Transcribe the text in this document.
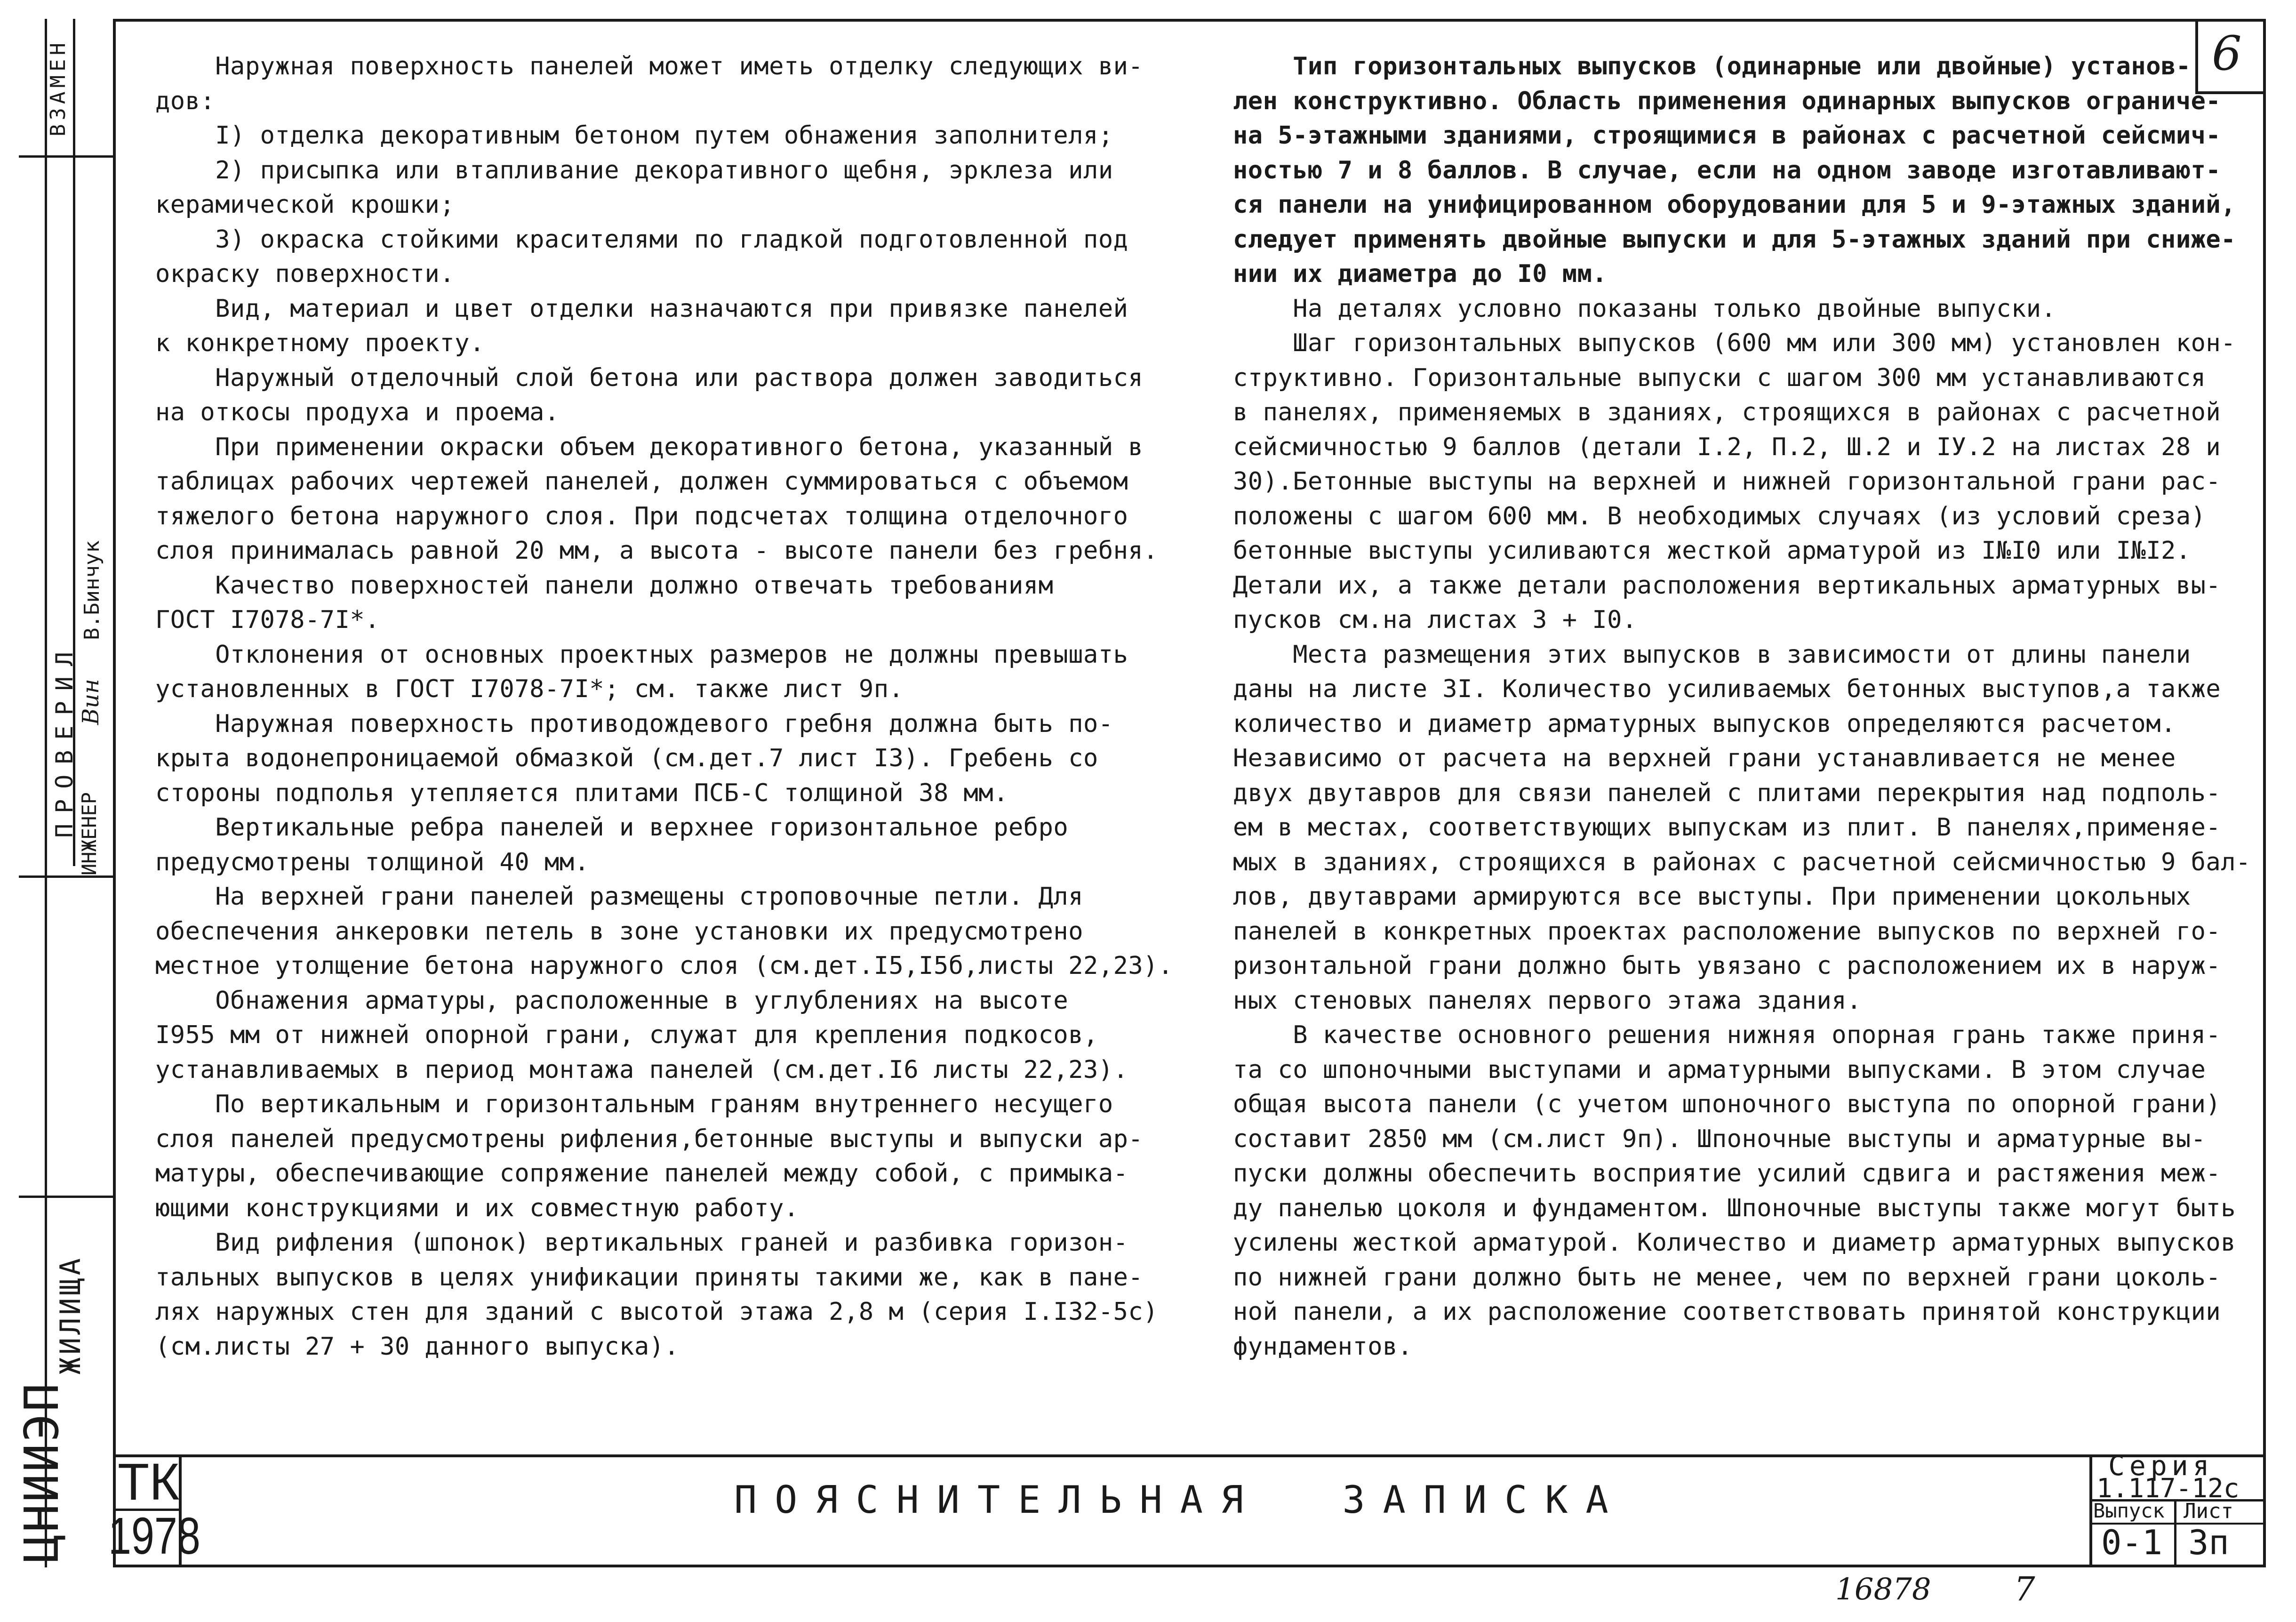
6
ВЗАМЕН
ПРОВЕРИЛ ИНЖЕНЕР
Вин
В.Бинчук
ЖИЛИЩА
ЦНИИЭП

Наружная поверхность панелей может иметь отделку следующих ви-

дов:

I) отделка декоративным бетоном путем обнажения заполнителя;

2) присыпка или втапливание декоративного щебня, эрклеза или

керамической крошки;

3) окраска стойкими красителями по гладкой подготовленной под

окраску поверхности.

Вид, материал и цвет отделки назначаются при привязке панелей

к конкретному проекту.

Наружный отделочный слой бетона или раствора должен заводиться

на откосы продуха и проема.

При применении окраски объем декоративного бетона, указанный в

таблицах рабочих чертежей панелей, должен суммироваться с объемом

тяжелого бетона наружного слоя. При подсчетах толщина отделочного

слоя принималась равной 20 мм, а высота - высоте панели без гребня.

Качество поверхностей панели должно отвечать требованиям

ГОСТ I7078-7I*.

Отклонения от основных проектных размеров не должны превышать

установленных в ГОСТ I7078-7I*; см. также лист 9п.

Наружная поверхность противодождевого гребня должна быть по-

крыта водонепроницаемой обмазкой (см.дет.7 лист I3). Гребень со

стороны подполья утепляется плитами ПСБ-С толщиной 38 мм.

Вертикальные ребра панелей и верхнее горизонтальное ребро

предусмотрены толщиной 40 мм.

На верхней грани панелей размещены строповочные петли. Для

обеспечения анкеровки петель в зоне установки их предусмотрено

местное утолщение бетона наружного слоя (см.дет.I5,I5б,листы 22,23).

Обнажения арматуры, расположенные в углублениях на высоте

I955 мм от нижней опорной грани, служат для крепления подкосов,

устанавливаемых в период монтажа панелей (см.дет.I6 листы 22,23).

По вертикальным и горизонтальным граням внутреннего несущего

слоя панелей предусмотрены рифления,бетонные выступы и выпуски ар-

матуры, обеспечивающие сопряжение панелей между собой, с примыка-

ющими конструкциями и их совместную работу.

Вид рифления (шпонок) вертикальных граней и разбивка горизон-

тальных выпусков в целях унификации приняты такими же, как в пане-

лях наружных стен для зданий с высотой этажа 2,8 м (серия I.I32-5с)

(см.листы 27 + 30 данного выпуска).

Тип горизонтальных выпусков (одинарные или двойные) установ-

лен конструктивно. Область применения одинарных выпусков ограниче-

на 5-этажными зданиями, строящимися в районах с расчетной сейсмич-

ностью 7 и 8 баллов. В случае, если на одном заводе изготавливают-

ся панели на унифицированном оборудовании для 5 и 9-этажных зданий,

следует применять двойные выпуски и для 5-этажных зданий при сниже-

нии их диаметра до I0 мм.

На деталях условно показаны только двойные выпуски.

Шаг горизонтальных выпусков (600 мм или 300 мм) установлен кон-

структивно. Горизонтальные выпуски с шагом 300 мм устанавливаются

в панелях, применяемых в зданиях, строящихся в районах с расчетной

сейсмичностью 9 баллов (детали I.2, П.2, Ш.2 и IУ.2 на листах 28 и

30).Бетонные выступы на верхней и нижней горизонтальной грани рас-

положены с шагом 600 мм. В необходимых случаях (из условий среза)

бетонные выступы усиливаются жесткой арматурой из I№I0 или I№I2.

Детали их, а также детали расположения вертикальных арматурных вы-

пусков см.на листах 3 + I0.

Места размещения этих выпусков в зависимости от длины панели

даны на листе 3I. Количество усиливаемых бетонных выступов,а также

количество и диаметр арматурных выпусков определяются расчетом.

Независимо от расчета на верхней грани устанавливается не менее

двух двутавров для связи панелей с плитами перекрытия над подполь-

ем в местах, соответствующих выпускам из плит. В панелях,применяе-

мых в зданиях, строящихся в районах с расчетной сейсмичностью 9 бал-

лов, двутаврами армируются все выступы. При применении цокольных

панелей в конкретных проектах расположение выпусков по верхней го-

ризонтальной грани должно быть увязано с расположением их в наруж-

ных стеновых панелях первого этажа здания.

В качестве основного решения нижняя опорная грань также приня-

та со шпоночными выступами и арматурными выпусками. В этом случае

общая высота панели (с учетом шпоночного выступа по опорной грани)

составит 2850 мм (см.лист 9п). Шпоночные выступы и арматурные вы-

пуски должны обеспечить восприятие усилий сдвига и растяжения меж-

ду панелью цоколя и фундаментом. Шпоночные выступы также могут быть

усилены жесткой арматурой. Количество и диаметр арматурных выпусков

по нижней грани должно быть не менее, чем по верхней грани цоколь-

ной панели, а их расположение соответствовать принятой конструкции

фундаментов.

ТК
1978
ПОЯСНИТЕЛЬНАЯ  ЗАПИСКА
Серия
1.117-12с
Выпуск Лист
0-1 3п
16878	7
